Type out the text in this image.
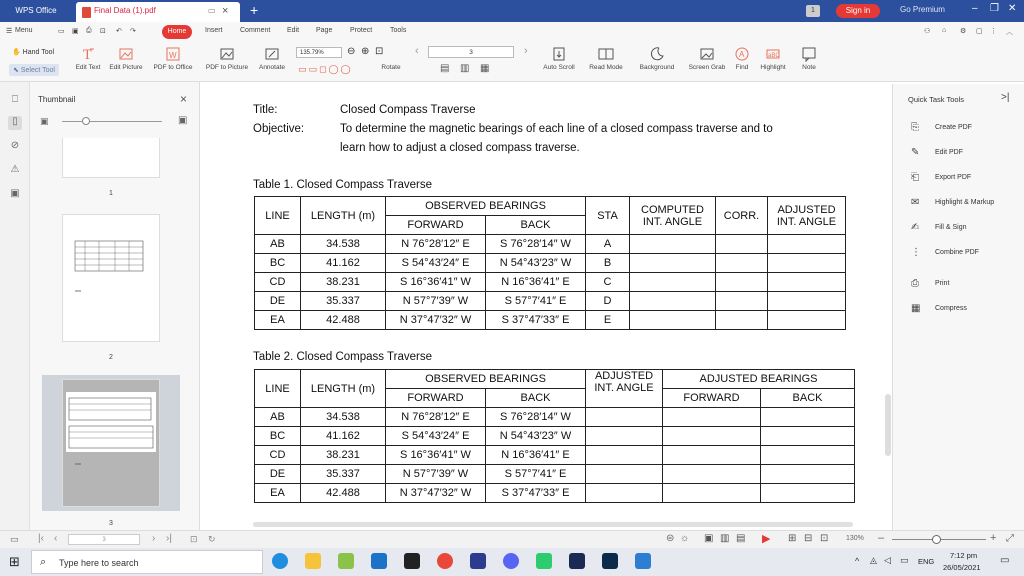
WPS Office	Final Data (1).pdf	▭ × +	1	Sign in	Go Premium	– ❐ ✕
☰ Menu	▭ ▣ ⎙ ⊡ ↶ ↷	Home	Insert Comment Edit Page	Protect	Tools	⚇ ⌂ ⚙ ▢ ⋮ ︿
✋ Hand Tool
⬉ Select Tool
T
Edit Text	Edit Picture
W
PDF to Office	PDF to Picture	Annotate
135.79%	⊖ ⊕ ⊡
▭▭◻◯◯	Rotate
‹	3	›
▤ ▥ ▦	Auto Scroll	Read Mode	Background	Screen Grab
A
Find
aBC
Highlight	Note
⎕
▯
⊘
⚠
▣
Thumbnail	×
▣	▣
1
2
3
Title:	Closed Compass Traverse
Objective:	To determine the magnetic bearings of each line of a closed compass traverse and to
learn how to adjust a closed compass traverse.
Table 1. Closed Compass Traverse
LINE	LENGTH (m)	OBSERVED BEARINGS		STA	COMPUTED
INT. ANGLE	CORR.	ADJUSTED
INT. ANGLE
		FORWARD	BACK				
AB	34.538	N 76°28′12″ E	S 76°28′14″ W	A			
BC	41.162	S 54°43′24″ E	N 54°43′23″ W	B			
CD	38.231	S 16°36′41″ W	N 16°36′41″ E	C			
DE	35.337	N 57°7′39″ W	S 57°7′41″ E	D			
EA	42.488	N 37°47′32″ W	S 37°47′33″ E	E			
Table 2. Closed Compass Traverse
LINE	LENGTH (m)	OBSERVED BEARINGS		ADJUSTED
INT. ANGLE	ADJUSTED BEARINGS	
		FORWARD	BACK		FORWARD	BACK
AB	34.538	N 76°28′12″ E	S 76°28′14″ W			
BC	41.162	S 54°43′24″ E	N 54°43′23″ W			
CD	38.231	S 16°36′41″ W	N 16°36′41″ E			
DE	35.337	N 57°7′39″ W	S 57°7′41″ E			
EA	42.488	N 37°47′32″ W	S 37°47′33″ E			
Quick Task Tools	>|
⎘	Create PDF
✎	Edit PDF
⎗	Export PDF
✉	Highlight & Markup
✍	Fill & Sign
⋮ Combine PDF
⎙	Print
▦	Compress
▭ |‹ ‹	3	› ›| ⊡ ↻	⊜ ☼ ▣ ▥ ▤ ▶ ⊞ ⊟ ⊡	130% –	+ ⤢
⊞ ⌕ Type here to search	^ ◬ ◁ ▭ ENG
7:12 pm
26/05/2021
▭
